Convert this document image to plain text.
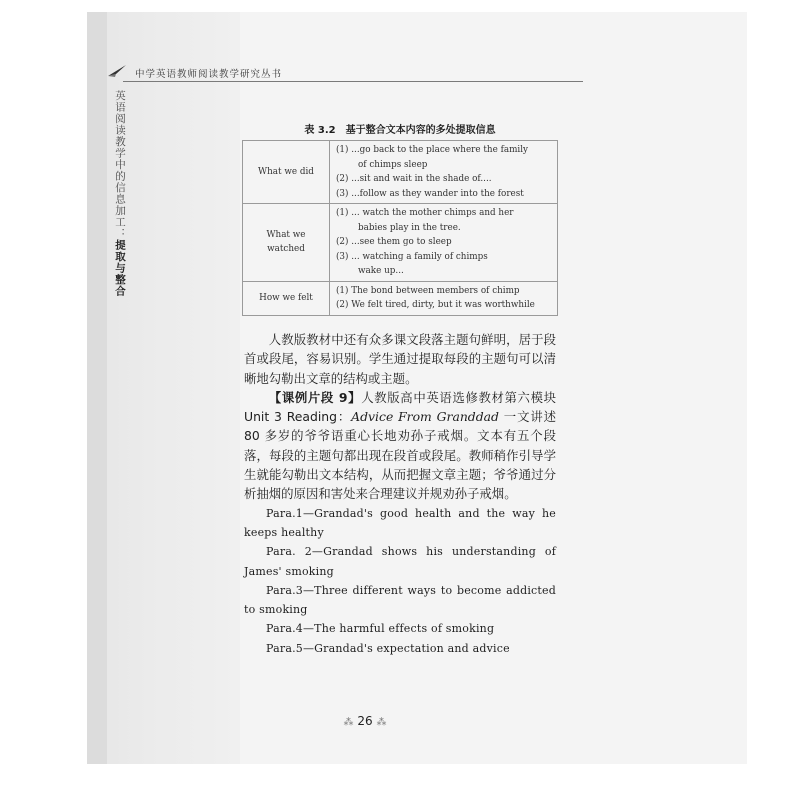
中学英语教师阅读教学研究丛书
英语阅读教学中的信息加工：提取与整合
表 3.2　基于整合文本内容的多处提取信息
What we did	(1) ...go back to the place where the family
of chimps sleep
(2) ...sit and wait in the shade of....
(3) ...follow as they wander into the forest

What we watched	(1) ... watch the mother chimps and her
babies play in the tree.
(2) ...see them go to sleep
(3) ... watching a family of chimps
wake up...

How we felt	(1) The bond between members of chimp
(2) We felt tired, dirty, but it was worthwhile

人教版教材中还有众多课文段落主题句鲜明，居于段首或段尾，容易识别。学生通过提取每段的主题句可以清晰地勾勒出文章的结构或主题。

【课例片段 9】人教版高中英语选修教材第六模块 Unit 3 Reading：Advice From Granddad 一文讲述 80 多岁的爷爷语重心长地劝孙子戒烟。文本有五个段落，每段的主题句都出现在段首或段尾。教师稍作引导学生就能勾勒出文本结构，从而把握文章主题；爷爷通过分析抽烟的原因和害处来合理建议并规劝孙子戒烟。

Para.1—Grandad's good health and the way he keeps healthy

Para. 2—Grandad shows his understanding of James' smoking

Para.3—Three different ways to become addicted to smoking

Para.4—The harmful effects of smoking

Para.5—Grandad's expectation and advice

⁂ 26 ⁂
